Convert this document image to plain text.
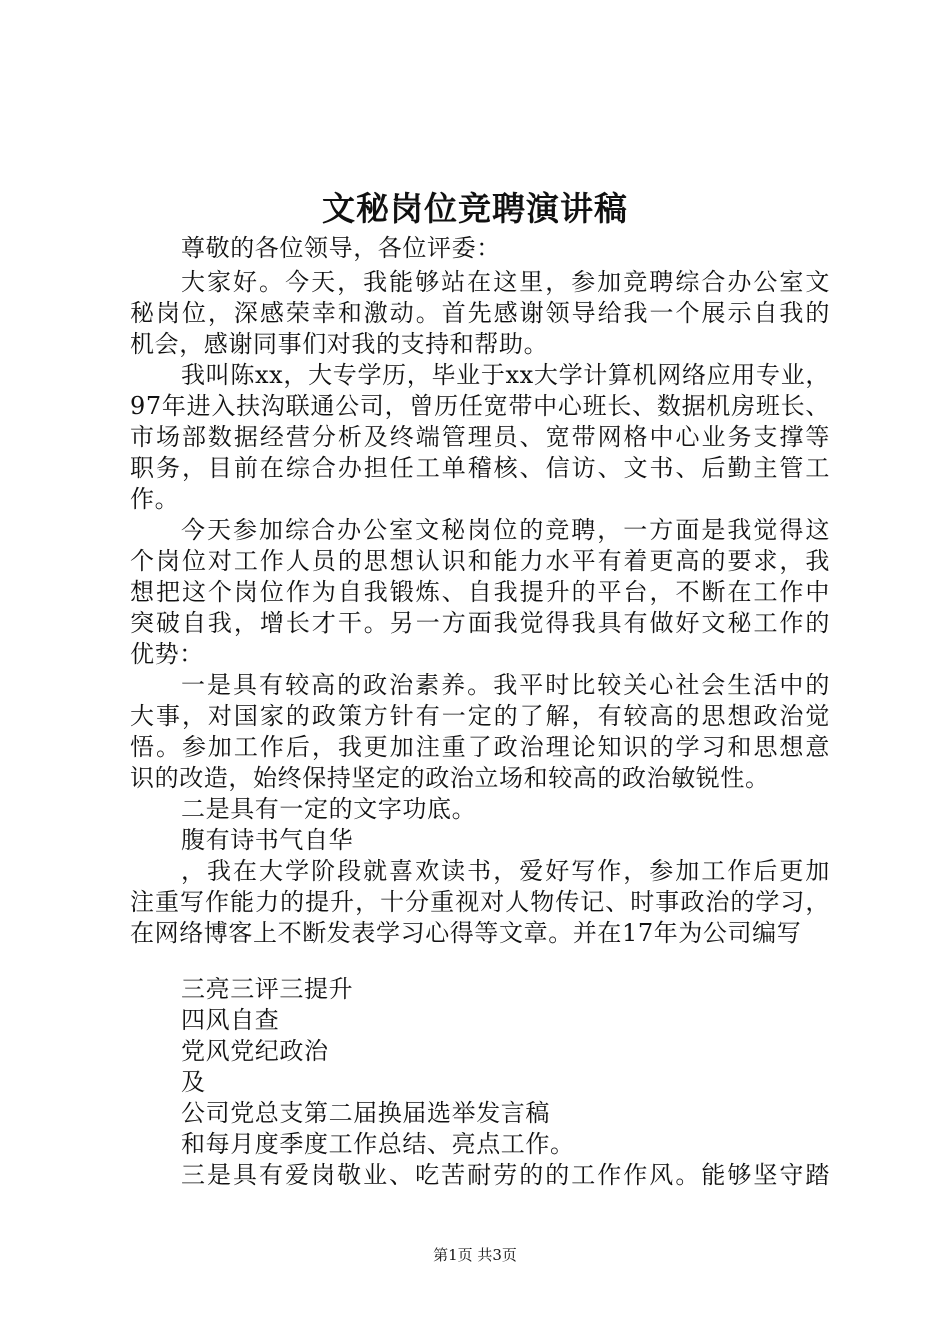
文秘岗位竞聘演讲稿
尊敬的各位领导，各位评委：
大家好。今天，我能够站在这里，参加竞聘综合办公室文
秘岗位，深感荣幸和激动。首先感谢领导给我一个展示自我的
机会，感谢同事们对我的支持和帮助。
我叫陈xx，大专学历，毕业于xx大学计算机网络应用专业，
97年进入扶沟联通公司，曾历任宽带中心班长、数据机房班长、
市场部数据经营分析及终端管理员、宽带网格中心业务支撑等
职务，目前在综合办担任工单稽核、信访、文书、后勤主管工
作。
今天参加综合办公室文秘岗位的竞聘，一方面是我觉得这
个岗位对工作人员的思想认识和能力水平有着更高的要求，我
想把这个岗位作为自我锻炼、自我提升的平台，不断在工作中
突破自我，增长才干。另一方面我觉得我具有做好文秘工作的
优势：
一是具有较高的政治素养。我平时比较关心社会生活中的
大事，对国家的政策方针有一定的了解，有较高的思想政治觉
悟。参加工作后，我更加注重了政治理论知识的学习和思想意
识的改造，始终保持坚定的政治立场和较高的政治敏锐性。
二是具有一定的文字功底。
腹有诗书气自华
，我在大学阶段就喜欢读书，爱好写作，参加工作后更加
注重写作能力的提升，十分重视对人物传记、时事政治的学习，
在网络博客上不断发表学习心得等文章。并在17年为公司编写
三亮三评三提升
四风自查
党风党纪政治
及
公司党总支第二届换届选举发言稿
和每月度季度工作总结、亮点工作。
三是具有爱岗敬业、吃苦耐劳的的工作作风。能够坚守踏
第1页 共3页
